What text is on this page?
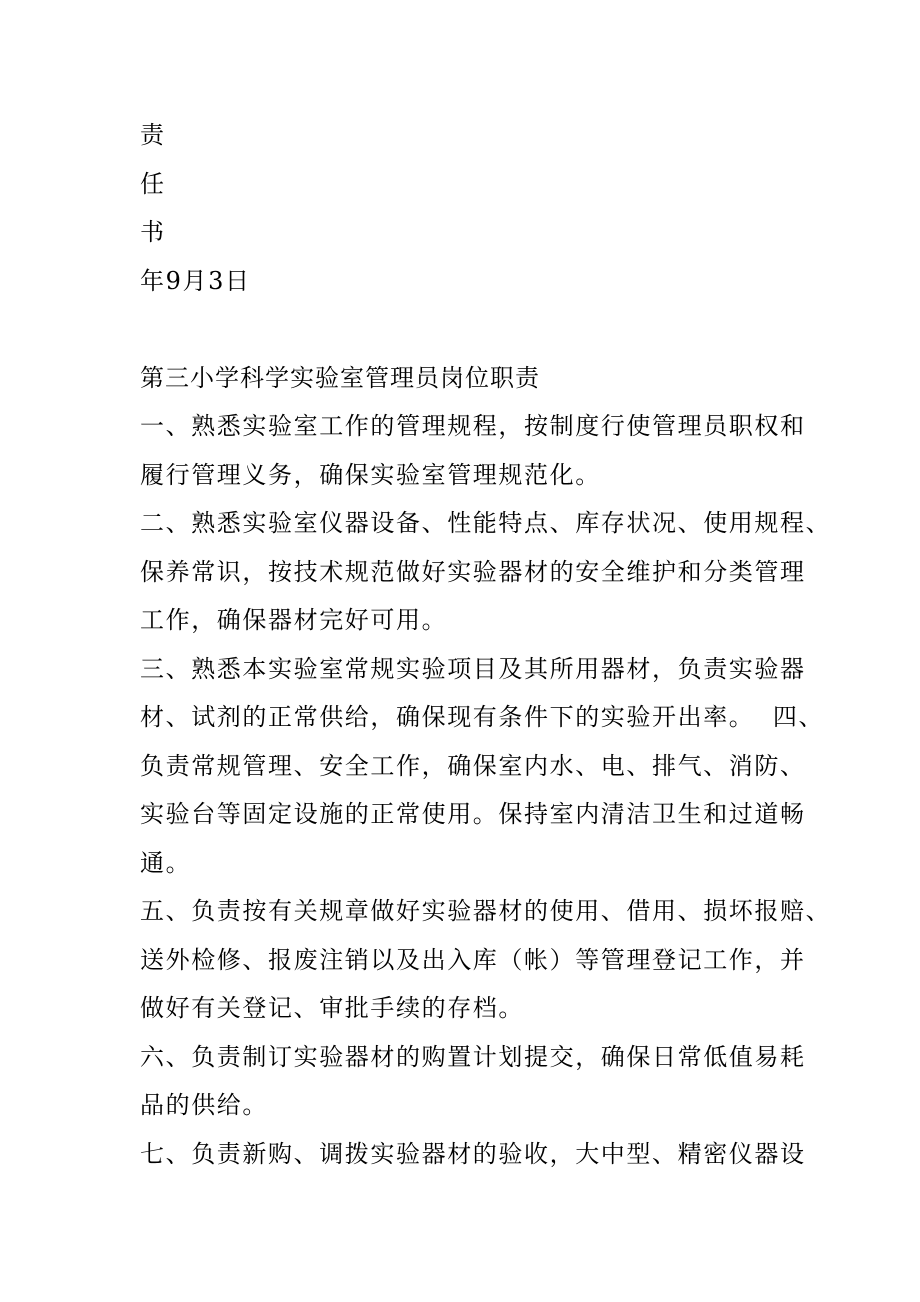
责
任
书
年9月3日
第三小学科学实验室管理员岗位职责
一、熟悉实验室工作的管理规程，按制度行使管理员职权和
履行管理义务，确保实验室管理规范化。
二、熟悉实验室仪器设备、性能特点、库存状况、使用规程、
保养常识，按技术规范做好实验器材的安全维护和分类管理
工作，确保器材完好可用。
三、熟悉本实验室常规实验项目及其所用器材，负责实验器
材、试剂的正常供给，确保现有条件下的实验开出率。  四、
负责常规管理、安全工作，确保室内水、电、排气、消防、
实验台等固定设施的正常使用。保持室内清洁卫生和过道畅
通。
五、负责按有关规章做好实验器材的使用、借用、损坏报赔、
送外检修、报废注销以及出入库（帐）等管理登记工作，并
做好有关登记、审批手续的存档。
六、负责制订实验器材的购置计划提交，确保日常低值易耗
品的供给。
七、负责新购、调拨实验器材的验收，大中型、精密仪器设
